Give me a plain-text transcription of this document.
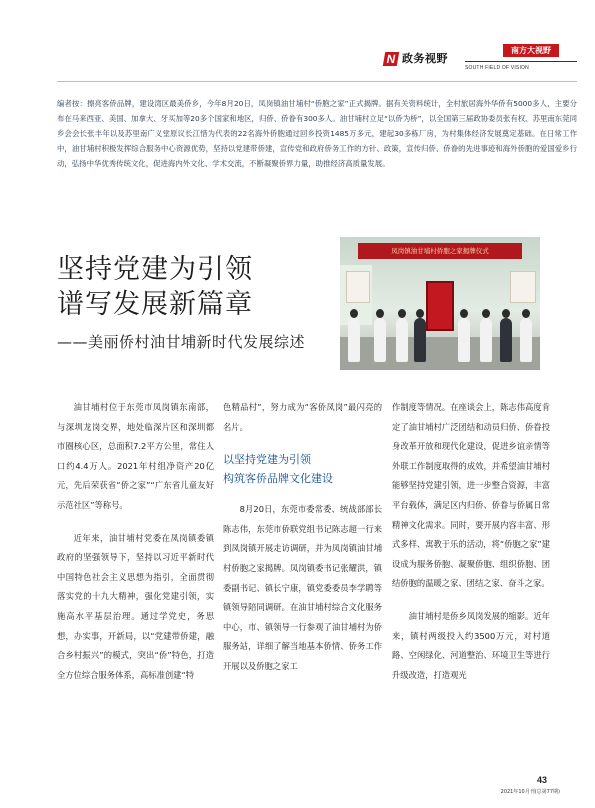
N 政务视野
南方大视野
SOUTH FIELD OF VISION
编者按：擦亮客侨品牌，建设湾区最美侨乡，今年8月20日，凤岗镇油甘埔村“侨胞之家”正式揭牌。据有关资料统计，全村旅居海外华侨有5000多人，主要分布在马来西亚、美国、加拿大、牙买加等20多个国家和地区，归侨、侨眷有300多人。油甘埔村立足“以侨为桥”，以全国第三届政协委员张有权、苏里南东莞同乡会会长张丰年以及苏里南广义堂原议长江惜为代表的22名海外侨胞通过回乡投资1485万多元，建起30多栋厂房，为村集体经济发展奠定基础。在日常工作中，油甘埔村积极发挥综合服务中心资源优势，坚持以党建带侨建，宣传党和政府侨务工作的方针、政策，宣传归侨、侨眷的先进事迹和海外侨胞的爱国爱乡行动，弘扬中华优秀传统文化，促进海内外文化、学术交流，不断凝聚侨界力量，助推经济高质量发展。
坚持党建为引领
谱写发展新篇章
——美丽侨村油甘埔新时代发展综述
凤岗镇油甘埔村侨胞之家揭牌仪式

油甘埔村位于东莞市凤岗镇东南部，与深圳龙岗交界，地处临深片区和深圳都市圈核心区，总面积7.2平方公里，常住人口约4.4万人。2021年村组净资产20亿元，先后荣获省“侨之家”“广东省儿童友好示范社区”等称号。

近年来，油甘埔村党委在凤岗镇委镇政府的坚强领导下，坚持以习近平新时代中国特色社会主义思想为指引，全面贯彻落实党的十九大精神，强化党建引领，实施高水平基层治理。通过学党史，务思想，办实事，开新局，以“党建带侨建，融合乡村振兴”的模式，突出“侨”特色，打造全方位综合服务体系，高标准创建“特

色精品村”，努力成为“客侨凤岗”最闪亮的名片。

以坚持党建为引领
构筑客侨品牌文化建设

8月20日，东莞市委常委、统战部部长陈志伟，东莞市侨联党组书记陈志超一行来到凤岗镇开展走访调研，并为凤岗镇油甘埔村侨胞之家揭牌。凤岗镇委书记张耀洪，镇委副书记、镇长宁康，镇党委委员李学聘等镇领导陪同调研。在油甘埔村综合文化服务中心，市、镇领导一行参观了油甘埔村为侨服务站，详细了解当地基本侨情、侨务工作开展以及侨胞之家工

作制度等情况。在座谈会上，陈志伟高度肯定了油甘埔村广泛团结和动员归侨、侨眷投身改革开放和现代化建设，促进乡谊亲情等外联工作制度取得的成效，并希望油甘埔村能够坚持党建引领，进一步整合资源，丰富平台载体，满足区内归侨、侨眷与侨属日常精神文化需求。同时，要开展内容丰富、形式多样、寓教于乐的活动，将“侨胞之家”建设成为服务侨胞、凝聚侨胞、组织侨胞、团结侨胞的温暖之家、团结之家、奋斗之家。

油甘埔村是侨乡凤岗发展的缩影。近年来，镇村两级投入约3500万元，对村道路、空闲绿化、河道整治、环境卫生等进行升级改造，打造观光

43
2021年10月刊(总第77期)
